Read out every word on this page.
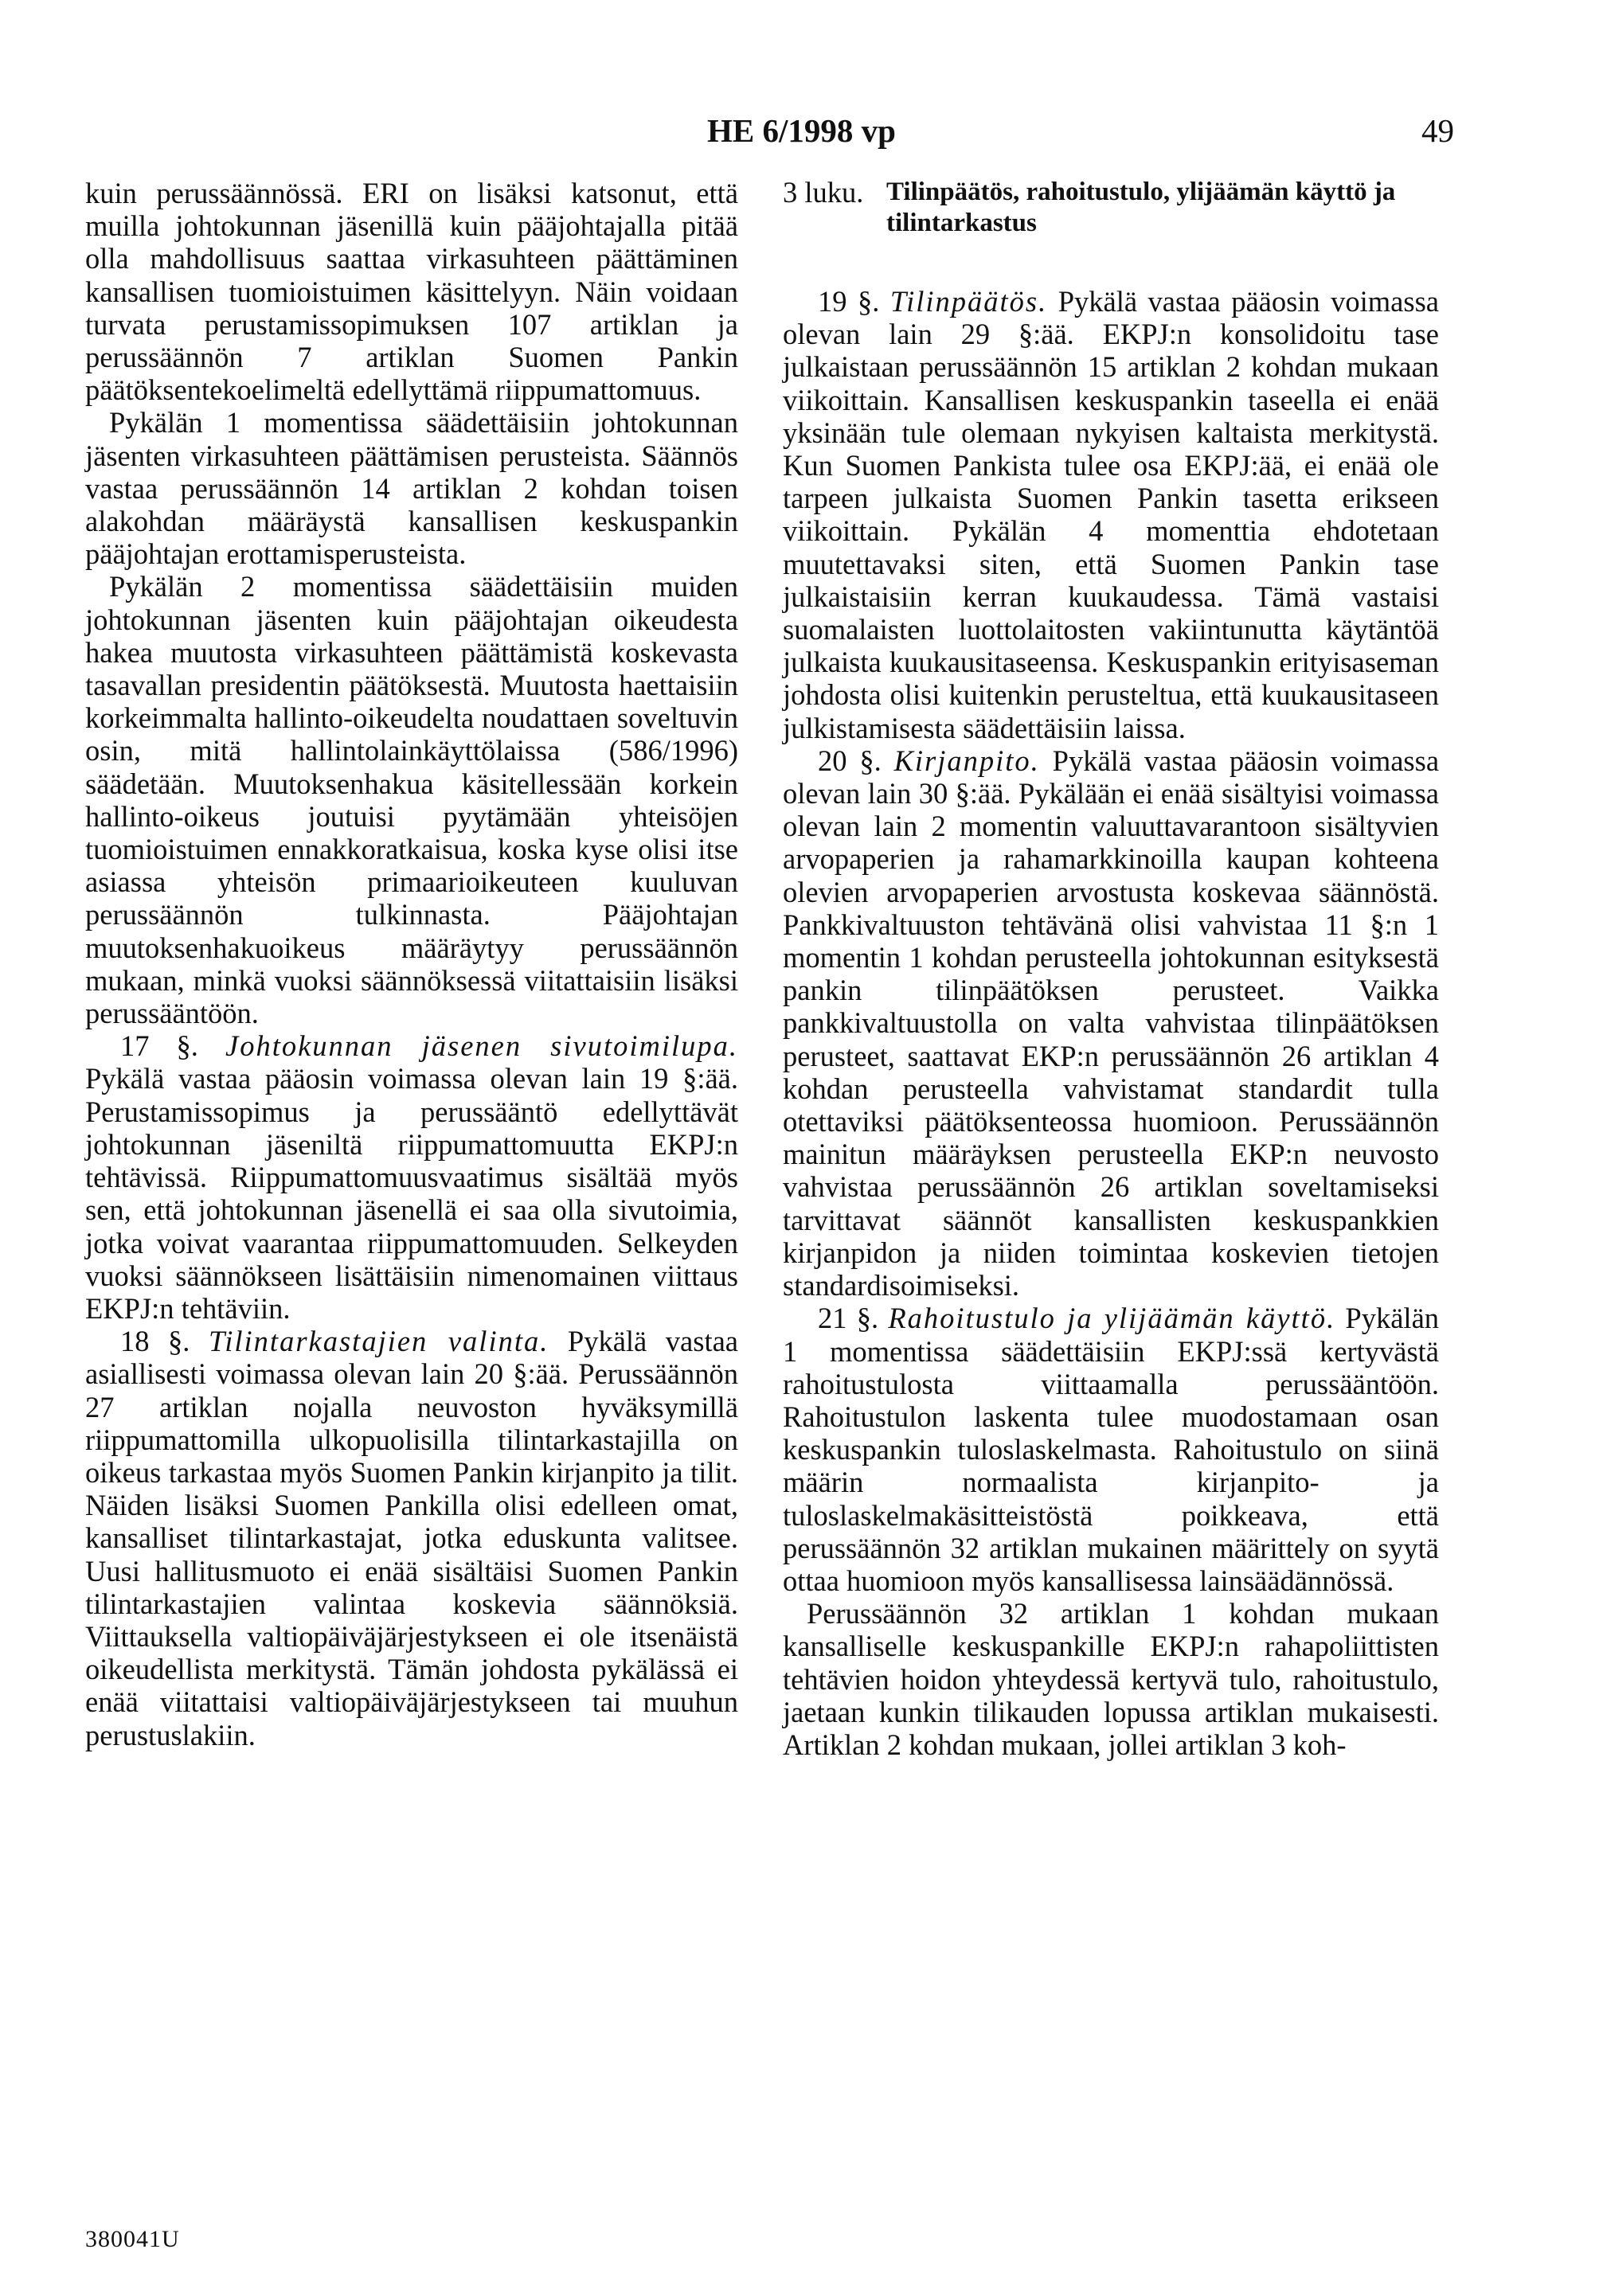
HE 6/1998 vp	49

kuin perussäännössä. ERI on lisäksi katsonut, että muilla johtokunnan jäsenillä kuin pääjohtajalla pitää olla mahdollisuus saattaa virkasuhteen päättäminen kansallisen tuomioistuimen käsittelyyn. Näin voidaan turvata perustamissopimuksen 107 artiklan ja perussäännön 7 artiklan Suomen Pankin päätöksentekoelimeltä edellyttämä riippumattomuus.

Pykälän 1 momentissa säädettäisiin johtokunnan jäsenten virkasuhteen päättämisen perusteista. Säännös vastaa perussäännön 14 artiklan 2 kohdan toisen alakohdan määräystä kansallisen keskuspankin pääjohtajan erottamisperusteista.

Pykälän 2 momentissa säädettäisiin muiden johtokunnan jäsenten kuin pääjohtajan oikeudesta hakea muutosta virkasuhteen päättämistä koskevasta tasavallan presidentin päätöksestä. Muutosta haettaisiin korkeimmalta hallinto-oikeudelta noudattaen soveltuvin osin, mitä hallintolainkäyttölaissa (586/1996) säädetään. Muutoksenhakua käsitellessään korkein hallinto-oikeus joutuisi pyytämään yhteisöjen tuomioistuimen ennakkoratkaisua, koska kyse olisi itse asiassa yhteisön primaarioikeuteen kuuluvan perussäännön tulkinnasta. Pääjohtajan muutoksenhakuoikeus määräytyy perussäännön mukaan, minkä vuoksi säännöksessä viitattaisiin lisäksi perussääntöön.

17 §. Johtokunnan jäsenen sivutoimilupa. Pykälä vastaa pääosin voimassa olevan lain 19 §:ää. Perustamissopimus ja perussääntö edellyttävät johtokunnan jäseniltä riippumattomuutta EKPJ:n tehtävissä. Riippumattomuusvaatimus sisältää myös sen, että johtokunnan jäsenellä ei saa olla sivutoimia, jotka voivat vaarantaa riippumattomuuden. Selkeyden vuoksi säännökseen lisättäisiin nimenomainen viittaus EKPJ:n tehtäviin.

18 §. Tilintarkastajien valinta. Pykälä vastaa asiallisesti voimassa olevan lain 20 §:ää. Perussäännön 27 artiklan nojalla neuvoston hyväksymillä riippumattomilla ulkopuolisilla tilintarkastajilla on oikeus tarkastaa myös Suomen Pankin kirjanpito ja tilit. Näiden lisäksi Suomen Pankilla olisi edelleen omat, kansalliset tilintarkastajat, jotka eduskunta valitsee. Uusi hallitusmuoto ei enää sisältäisi Suomen Pankin tilintarkastajien valintaa koskevia säännöksiä. Viittauksella valtiopäiväjärjestykseen ei ole itsenäistä oikeudellista merkitystä. Tämän johdosta pykälässä ei enää viitattaisi valtiopäiväjärjestykseen tai muuhun perustuslakiin.

3 luku. Tilinpäätös, rahoitustulo, ylijäämän käyttö ja tilintarkastus

19 §. Tilinpäätös. Pykälä vastaa pääosin voimassa olevan lain 29 §:ää. EKPJ:n konsolidoitu tase julkaistaan perussäännön 15 artiklan 2 kohdan mukaan viikoittain. Kansallisen keskuspankin taseella ei enää yksinään tule olemaan nykyisen kaltaista merkitystä. Kun Suomen Pankista tulee osa EKPJ:ää, ei enää ole tarpeen julkaista Suomen Pankin tasetta erikseen viikoittain. Pykälän 4 momenttia ehdotetaan muutettavaksi siten, että Suomen Pankin tase julkaistaisiin kerran kuukaudessa. Tämä vastaisi suomalaisten luottolaitosten vakiintunutta käytäntöä julkaista kuukausitaseensa. Keskuspankin erityisaseman johdosta olisi kuitenkin perusteltua, että kuukausitaseen julkistamisesta säädettäisiin laissa.

20 §. Kirjanpito. Pykälä vastaa pääosin voimassa olevan lain 30 §:ää. Pykälään ei enää sisältyisi voimassa olevan lain 2 momentin valuuttavarantoon sisältyvien arvopaperien ja rahamarkkinoilla kaupan kohteena olevien arvopaperien arvostusta koskevaa säännöstä. Pankkivaltuuston tehtävänä olisi vahvistaa 11 §:n 1 momentin 1 kohdan perusteella johtokunnan esityksestä pankin tilinpäätöksen perusteet. Vaikka pankkivaltuustolla on valta vahvistaa tilinpäätöksen perusteet, saattavat EKP:n perussäännön 26 artiklan 4 kohdan perusteella vahvistamat standardit tulla otettaviksi päätöksenteossa huomioon. Perussäännön mainitun määräyksen perusteella EKP:n neuvosto vahvistaa perussäännön 26 artiklan soveltamiseksi tarvittavat säännöt kansallisten keskuspankkien kirjanpidon ja niiden toimintaa koskevien tietojen standardisoimiseksi.

21 §. Rahoitustulo ja ylijäämän käyttö. Pykälän 1 momentissa säädettäisiin EKPJ:ssä kertyvästä rahoitustulosta viittaamalla perussääntöön. Rahoitustulon laskenta tulee muodostamaan osan keskuspankin tuloslaskelmasta. Rahoitustulo on siinä määrin normaalista kirjanpito- ja tuloslaskelmakäsitteistöstä poikkeava, että perussäännön 32 artiklan mukainen määrittely on syytä ottaa huomioon myös kansallisessa lainsäädännössä.

Perussäännön 32 artiklan 1 kohdan mukaan kansalliselle keskuspankille EKPJ:n rahapoliittisten tehtävien hoidon yhteydessä kertyvä tulo, rahoitustulo, jaetaan kunkin tilikauden lopussa artiklan mukaisesti. Artiklan 2 kohdan mukaan, jollei artiklan 3 koh-

380041U
